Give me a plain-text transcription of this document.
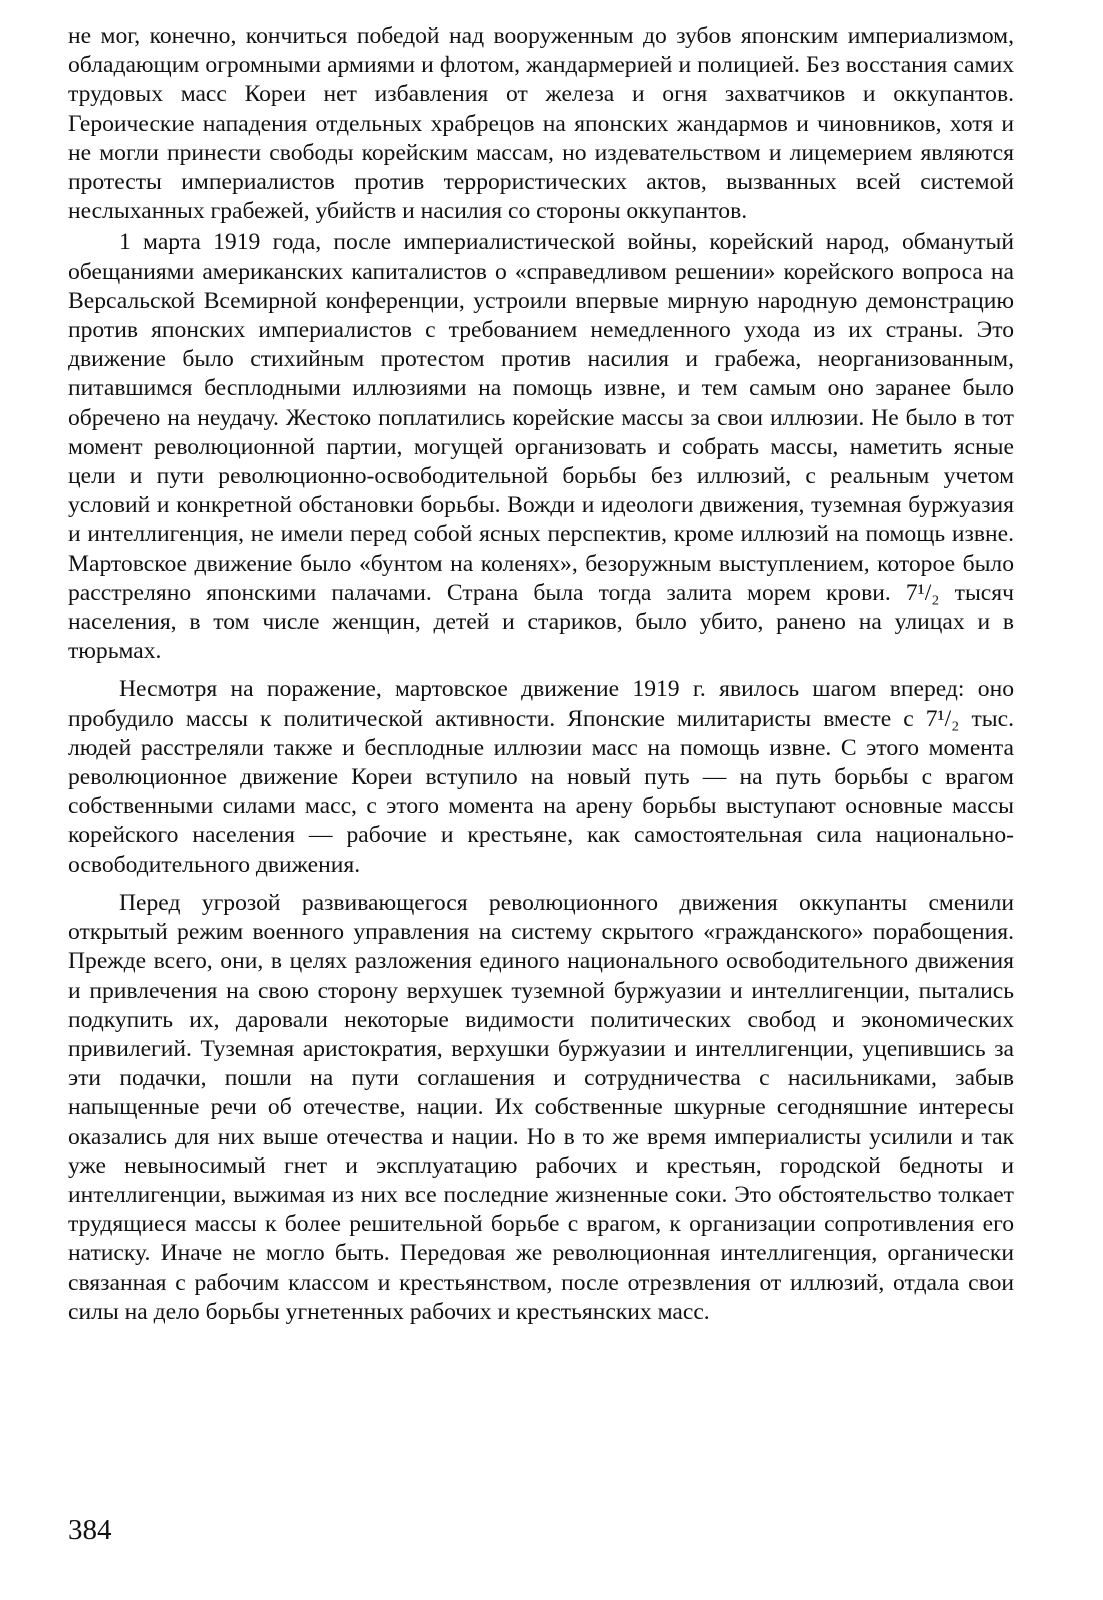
не мог, конечно, кончиться победой над вооруженным до зубов японским империализмом, обладающим огромными армиями и флотом, жандармерией и полицией. Без восстания самих трудовых масс Кореи нет избавления от железа и огня захватчиков и оккупантов. Героические нападения отдельных храбрецов на японских жандармов и чиновников, хотя и не могли принести свободы корейским массам, но издевательством и лицемерием являются протесты империалистов против террористических актов, вызванных всей системой неслыханных грабежей, убийств и насилия со стороны оккупантов.

1 марта 1919 года, после империалистической войны, корейский народ, обманутый обещаниями американских капиталистов о «справедливом решении» корейского вопроса на Версальской Всемирной конференции, устроили впервые мирную народную демонстрацию против японских империалистов с требованием немедленного ухода из их страны. Это движение было стихийным протестом против насилия и грабежа, неорганизованным, питавшимся бесплодными иллюзиями на помощь извне, и тем самым оно заранее было обречено на неудачу. Жестоко поплатились корейские массы за свои иллюзии. Не было в тот момент революционной партии, могущей организовать и собрать массы, наметить ясные цели и пути революционно-освободительной борьбы без иллюзий, с реальным учетом условий и конкретной обстановки борьбы. Вожди и идеологи движения, туземная буржуазия и интеллигенция, не имели перед собой ясных перспектив, кроме иллюзий на помощь извне. Мартовское движение было «бунтом на коленях», безоружным выступлением, которое было расстреляно японскими палачами. Страна была тогда залита морем крови. 7¹/₂ тысяч населения, в том числе женщин, детей и стариков, было убито, ранено на улицах и в тюрьмах.

Несмотря на поражение, мартовское движение 1919 г. явилось шагом вперед: оно пробудило массы к политической активности. Японские милитаристы вместе с 7¹/₂ тыс. людей расстреляли также и бесплодные иллюзии масс на помощь извне. С этого момента революционное движение Кореи вступило на новый путь — на путь борьбы с врагом собственными силами масс, с этого момента на арену борьбы выступают основные массы корейского населения — рабочие и крестьяне, как самостоятельная сила национально-освободительного движения.

Перед угрозой развивающегося революционного движения оккупанты сменили открытый режим военного управления на систему скрытого «гражданского» порабощения. Прежде всего, они, в целях разложения единого национального освободительного движения и привлечения на свою сторону верхушек туземной буржуазии и интеллигенции, пытались подкупить их, даровали некоторые видимости политических свобод и экономических привилегий. Туземная аристократия, верхушки буржуазии и интеллигенции, уцепившись за эти подачки, пошли на пути соглашения и сотрудничества с насильниками, забыв напыщенные речи об отечестве, нации. Их собственные шкурные сегодняшние интересы оказались для них выше отечества и нации. Но в то же время империалисты усилили и так уже невыносимый гнет и эксплуатацию рабочих и крестьян, городской бедноты и интеллигенции, выжимая из них все последние жизненные соки. Это обстоятельство толкает трудящиеся массы к более решительной борьбе с врагом, к организации сопротивления его натиску. Иначе не могло быть. Передовая же революционная интеллигенция, органически связанная с рабочим классом и крестьянством, после отрезвления от иллюзий, отдала свои силы на дело борьбы угнетенных рабочих и крестьянских масс.

384
